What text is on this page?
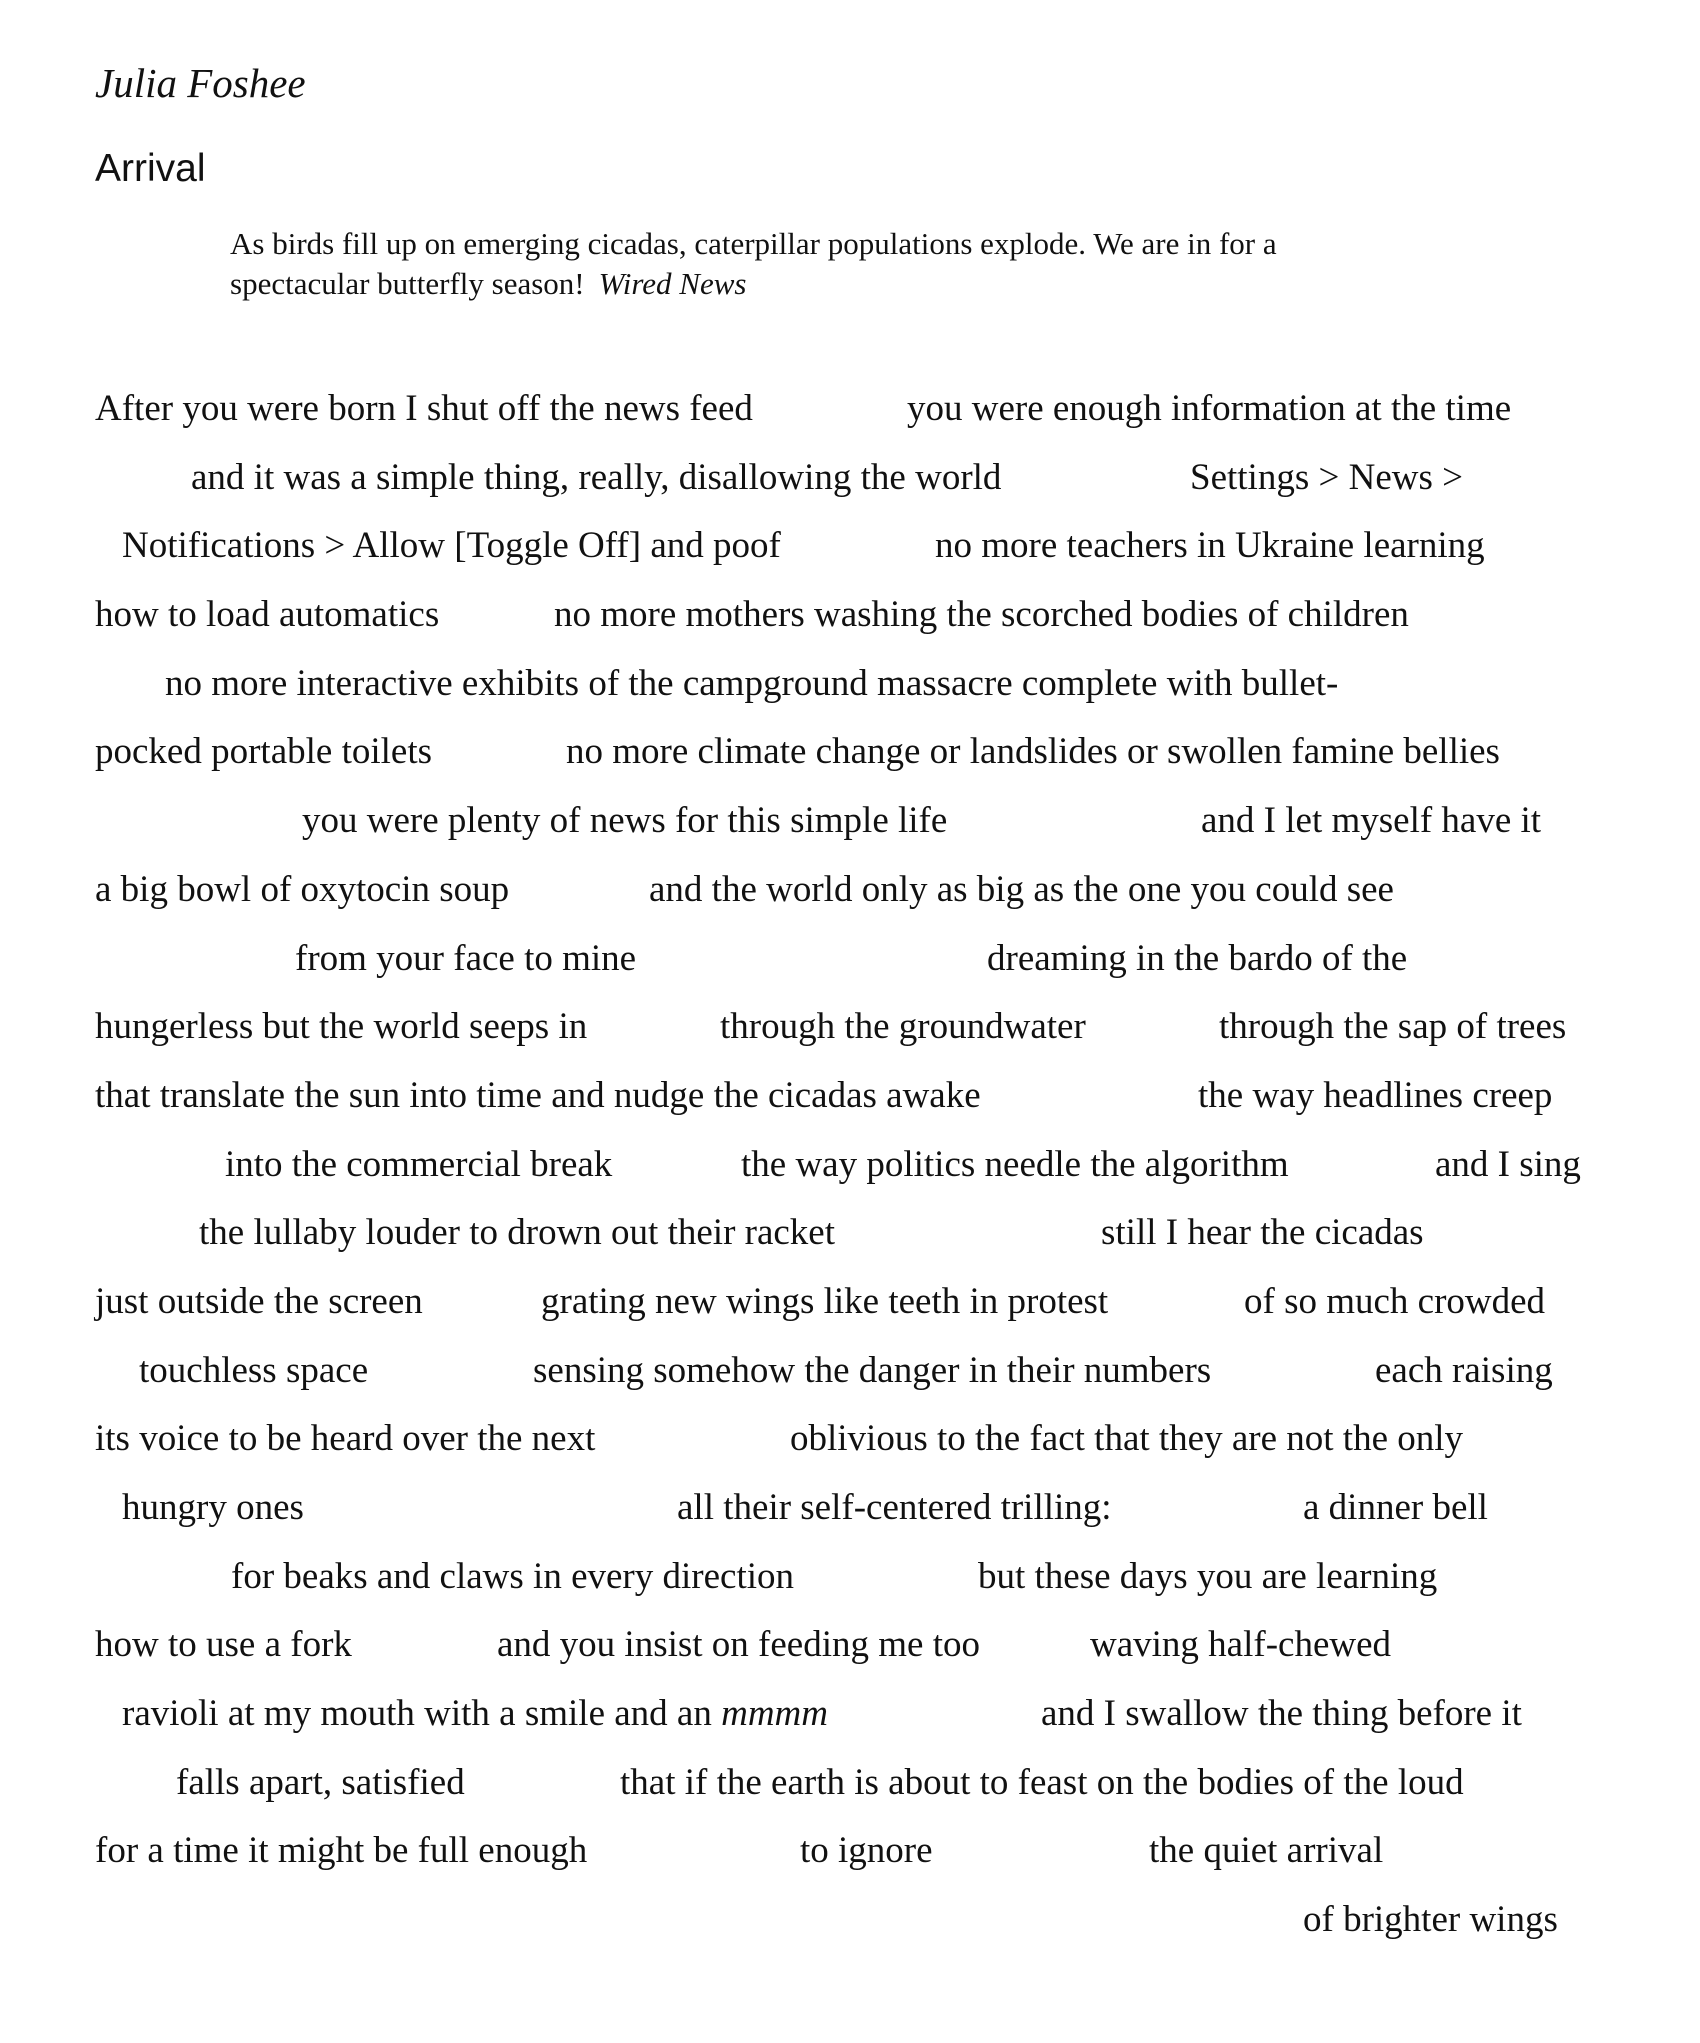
Julia Foshee
Arrival
As birds fill up on emerging cicadas, caterpillar populations explode. We are in for a
spectacular butterfly season! Wired News
After you were born I shut off the news feed	you were enough information at the time
and it was a simple thing, really, disallowing the world	Settings > News >
Notifications > Allow [Toggle Off] and poof	no more teachers in Ukraine learning
how to load automatics	no more mothers washing the scorched bodies of children
no more interactive exhibits of the campground massacre complete with bullet-
pocked portable toilets	no more climate change or landslides or swollen famine bellies
you were plenty of news for this simple life	and I let myself have it
a big bowl of oxytocin soup	and the world only as big as the one you could see
from your face to mine	dreaming in the bardo of the
hungerless but the world seeps in	through the groundwater	through the sap of trees
that translate the sun into time and nudge the cicadas awake	the way headlines creep
into the commercial break	the way politics needle the algorithm	and I sing
the lullaby louder to drown out their racket	still I hear the cicadas
just outside the screen	grating new wings like teeth in protest	of so much crowded
touchless space	sensing somehow the danger in their numbers	each raising
its voice to be heard over the next	oblivious to the fact that they are not the only
hungry ones	all their self-centered trilling:	a dinner bell
for beaks and claws in every direction	but these days you are learning
how to use a fork	and you insist on feeding me too	waving half-chewed
ravioli at my mouth with a smile and an mmmm	and I swallow the thing before it
falls apart, satisfied	that if the earth is about to feast on the bodies of the loud
for a time it might be full enough	to ignore	the quiet arrival
of brighter wings
